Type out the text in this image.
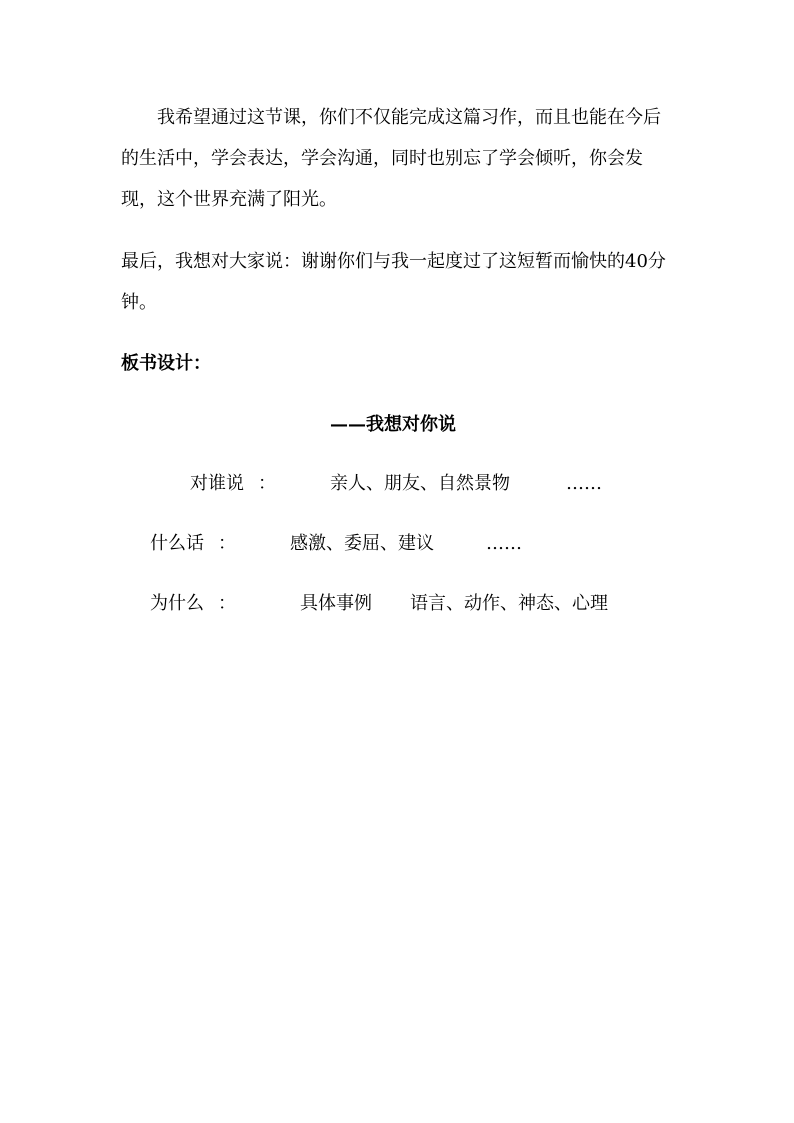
我希望通过这节课，你们不仅能完成这篇习作，而且也能在今后的生活中，学会表达，学会沟通，同时也别忘了学会倾听，你会发现，这个世界充满了阳光。

最后，我想对大家说：谢谢你们与我一起度过了这短暂而愉快的40分钟。

板书设计：

——我想对你说

对谁说 ：	亲人、朋友、自然景物	……
什么话 ：	感激、委屈、建议	……
为什么 ：	具体事例 语言、动作、神态、心理
